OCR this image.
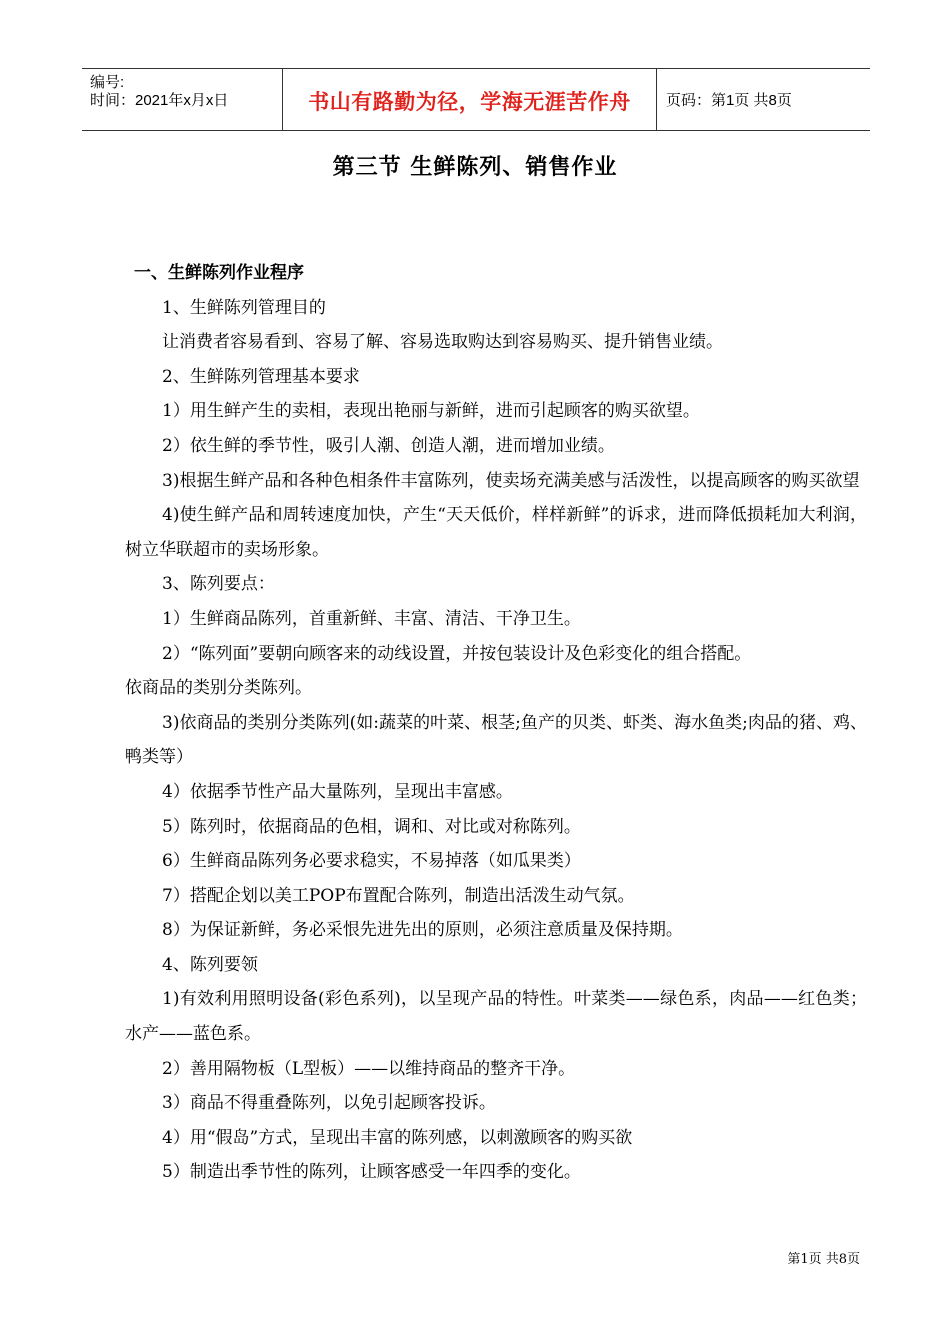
编号:
时间：2021年x月x日	书山有路勤为径，学海无涯苦作舟	页码：第1页 共8页
第三节 生鲜陈列、销售作业

一、生鲜陈列作业程序

1、生鲜陈列管理目的

让消费者容易看到、容易了解、容易选取购达到容易购买、提升销售业绩。

2、生鲜陈列管理基本要求

1）用生鲜产生的卖相，表现出艳丽与新鲜，进而引起顾客的购买欲望。

2）依生鲜的季节性，吸引人潮、创造人潮，进而增加业绩。

3)根据生鲜产品和各种色相条件丰富陈列，使卖场充满美感与活泼性，以提高顾客的购买欲望

4)使生鲜产品和周转速度加快，产生“天天低价，样样新鲜”的诉求，进而降低损耗加大利润，树立华联超市的卖场形象。

3、陈列要点：

1）生鲜商品陈列，首重新鲜、丰富、清洁、干净卫生。

2）“陈列面”要朝向顾客来的动线设置，并按包装设计及色彩变化的组合搭配。

依商品的类别分类陈列。

3)依商品的类别分类陈列(如:蔬菜的叶菜、根茎;鱼产的贝类、虾类、海水鱼类;肉品的猪、鸡、鸭类等）

4）依据季节性产品大量陈列，呈现出丰富感。

5）陈列时，依据商品的色相，调和、对比或对称陈列。

6）生鲜商品陈列务必要求稳实，不易掉落（如瓜果类）

7）搭配企划以美工POP布置配合陈列，制造出活泼生动气氛。

8）为保证新鲜，务必采恨先进先出的原则，必须注意质量及保持期。

4、陈列要领

1)有效利用照明设备(彩色系列)，以呈现产品的特性。叶菜类——绿色系，肉品——红色类；水产——蓝色系。

2）善用隔物板（L型板）——以维持商品的整齐干净。

3）商品不得重叠陈列，以免引起顾客投诉。

4）用“假岛”方式，呈现出丰富的陈列感，以刺激顾客的购买欲

5）制造出季节性的陈列，让顾客感受一年四季的变化。

第1页 共8页
